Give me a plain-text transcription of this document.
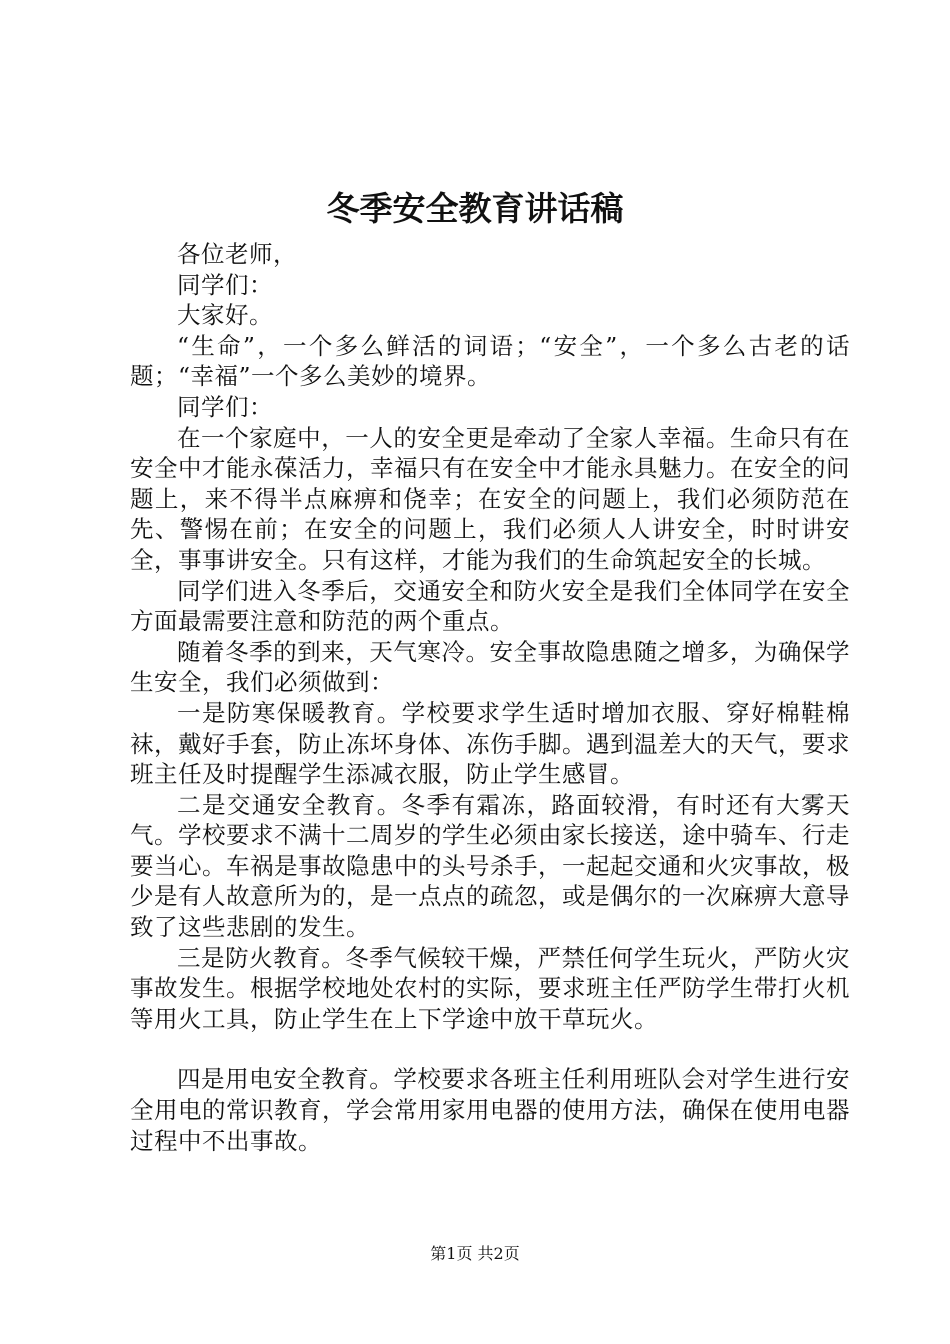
冬季安全教育讲话稿

各位老师，

同学们：

大家好。

“生命”，一个多么鲜活的词语；“安全”，一个多么古老的话题；“幸福”一个多么美妙的境界。

同学们：

在一个家庭中，一人的安全更是牵动了全家人幸福。生命只有在安全中才能永葆活力，幸福只有在安全中才能永具魅力。在安全的问题上，来不得半点麻痹和侥幸；在安全的问题上，我们必须防范在先、警惕在前；在安全的问题上，我们必须人人讲安全，时时讲安全，事事讲安全。只有这样，才能为我们的生命筑起安全的长城。

同学们进入冬季后，交通安全和防火安全是我们全体同学在安全方面最需要注意和防范的两个重点。

随着冬季的到来，天气寒冷。安全事故隐患随之增多，为确保学生安全，我们必须做到：

一是防寒保暖教育。学校要求学生适时增加衣服、穿好棉鞋棉袜，戴好手套，防止冻坏身体、冻伤手脚。遇到温差大的天气，要求班主任及时提醒学生添减衣服，防止学生感冒。

二是交通安全教育。冬季有霜冻，路面较滑，有时还有大雾天气。学校要求不满十二周岁的学生必须由家长接送，途中骑车、行走要当心。车祸是事故隐患中的头号杀手，一起起交通和火灾事故，极少是有人故意所为的，是一点点的疏忽，或是偶尔的一次麻痹大意导致了这些悲剧的发生。

三是防火教育。冬季气候较干燥，严禁任何学生玩火，严防火灾事故发生。根据学校地处农村的实际，要求班主任严防学生带打火机等用火工具，防止学生在上下学途中放干草玩火。

四是用电安全教育。学校要求各班主任利用班队会对学生进行安全用电的常识教育，学会常用家用电器的使用方法，确保在使用电器过程中不出事故。

第1页 共2页
